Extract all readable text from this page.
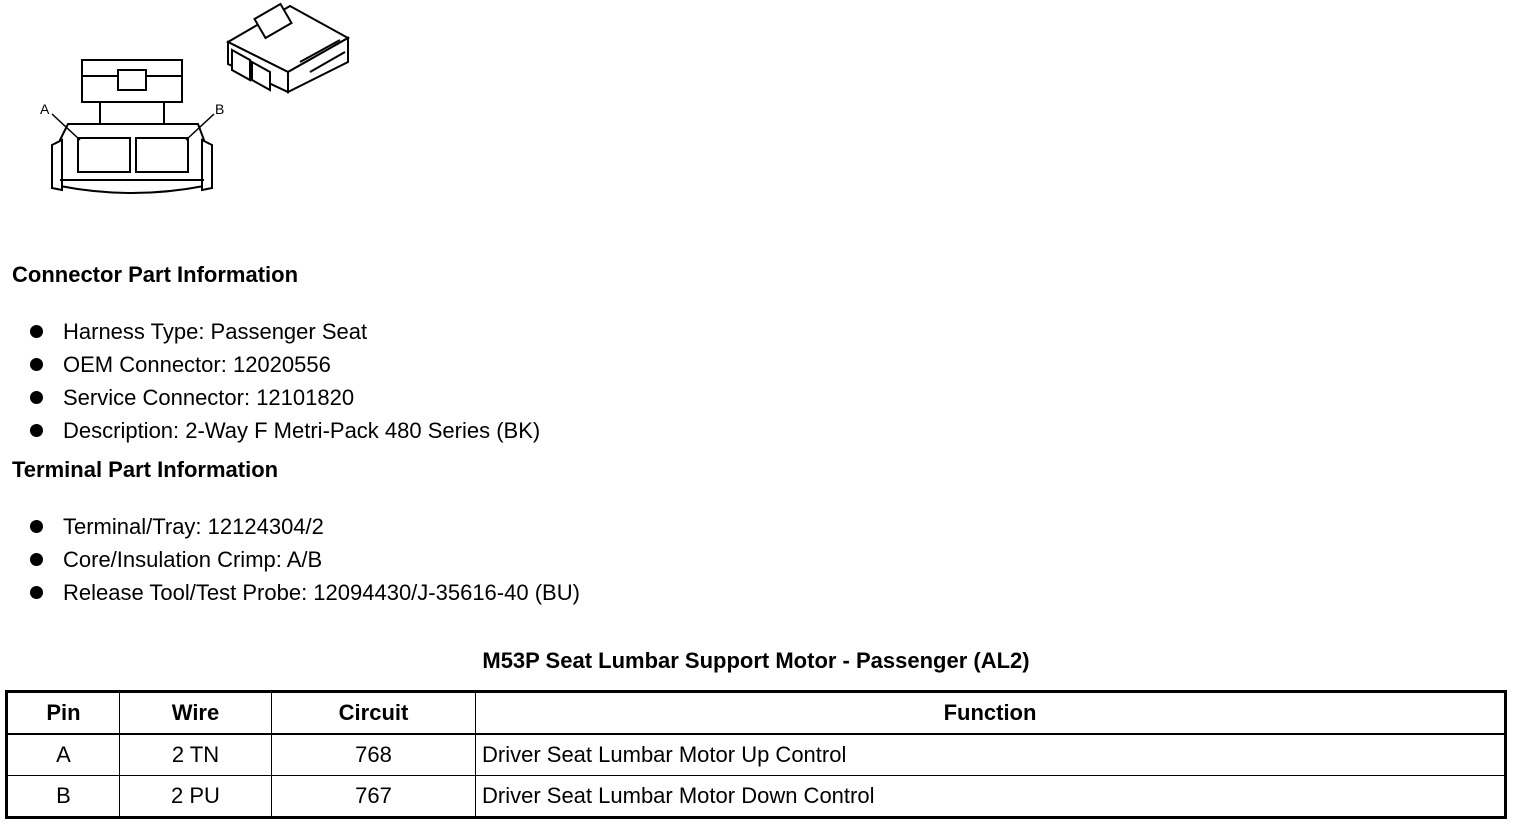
A	B
Connector Part Information
Harness Type: Passenger Seat
OEM Connector: 12020556
Service Connector: 12101820
Description: 2-Way F Metri-Pack 480 Series (BK)
Terminal Part Information
Terminal/Tray: 12124304/2
Core/Insulation Crimp: A/B
Release Tool/Test Probe: 12094430/J-35616-40 (BU)
M53P Seat Lumbar Support Motor - Passenger (AL2)
Pin	Wire	Circuit	Function
A	2 TN	768	Driver Seat Lumbar Motor Up Control
B	2 PU	767	Driver Seat Lumbar Motor Down Control
